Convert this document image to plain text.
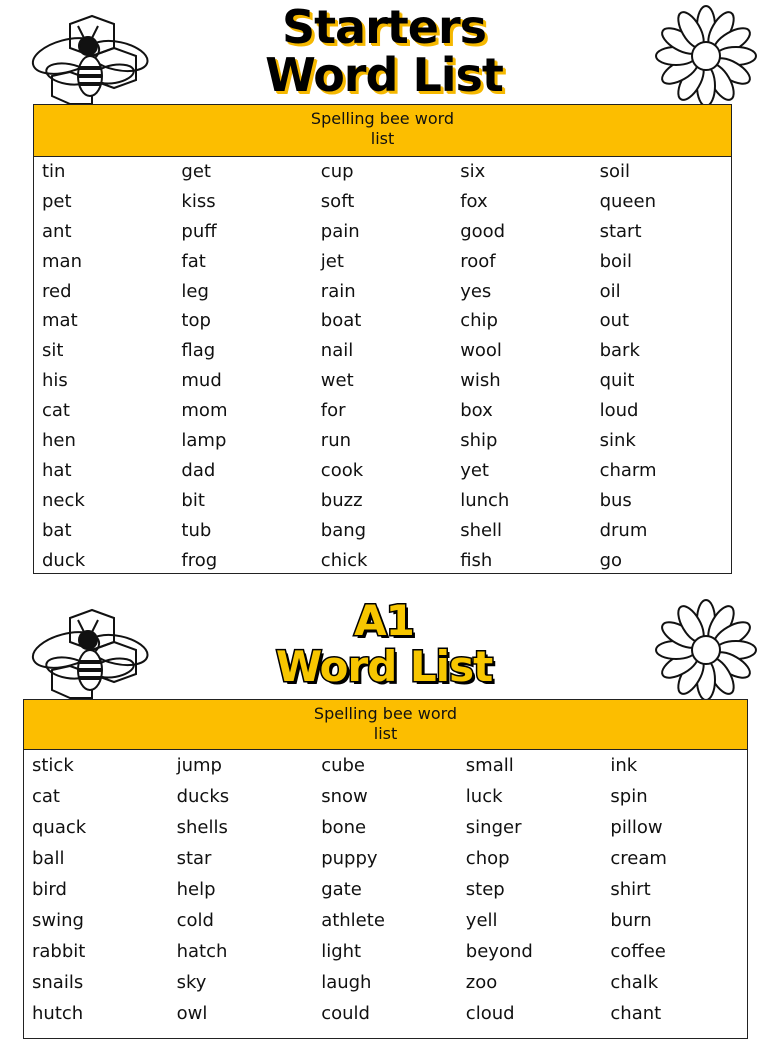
Starters
Word List
Spelling bee word list
tin	get	cup	six	soil
pet	kiss	soft	fox	queen
ant	puff	pain	good	start
man	fat	jet	roof	boil
red	leg	rain	yes	oil
mat	top	boat	chip	out
sit	flag	nail	wool	bark
his	mud	wet	wish	quit
cat	mom	for	box	loud
hen	lamp	run	ship	sink
hat	dad	cook	yet	charm
neck	bit	buzz	lunch	bus
bat	tub	bang	shell	drum
duck	frog	chick	fish	go
A1
Word List
Spelling bee word list
stick	jump	cube	small	ink
cat	ducks	snow	luck	spin
quack	shells	bone	singer	pillow
ball	star	puppy	chop	cream
bird	help	gate	step	shirt
swing	cold	athlete	yell	burn
rabbit	hatch	light	beyond	coffee
snails	sky	laugh	zoo	chalk
hutch	owl	could	cloud	chant
